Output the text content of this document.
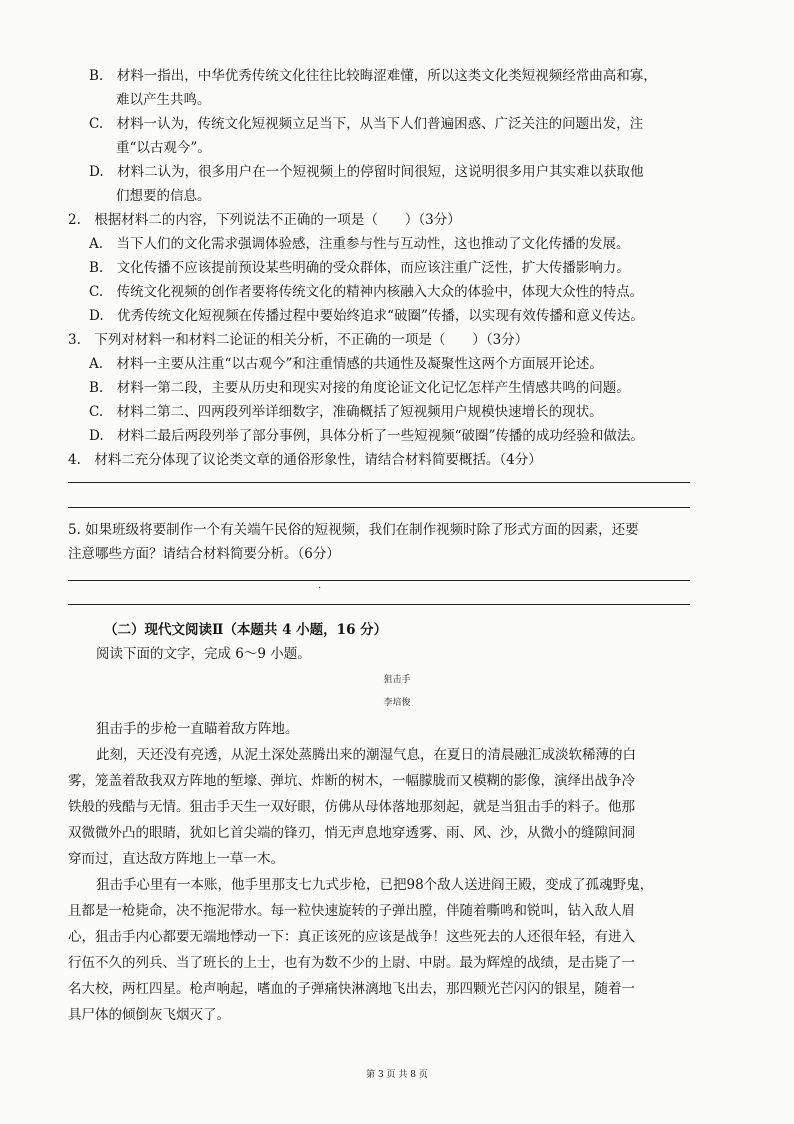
B.　材料一指出，中华优秀传统文化往往比较晦涩难懂，所以这类文化类短视频经常曲高和寡，
难以产生共鸣。
C.　材料一认为，传统文化短视频立足当下，从当下人们普遍困惑、广泛关注的问题出发，注
重“以古观今”。
D.　材料二认为，很多用户在一个短视频上的停留时间很短，这说明很多用户其实难以获取他
们想要的信息。
2.　根据材料二的内容，下列说法不正确的一项是（　　）（3分）
A.　当下人们的文化需求强调体验感，注重参与性与互动性，这也推动了文化传播的发展。
B.　文化传播不应该提前预设某些明确的受众群体，而应该注重广泛性，扩大传播影响力。
C.　传统文化视频的创作者要将传统文化的精神内核融入大众的体验中，体现大众性的特点。
D.　优秀传统文化短视频在传播过程中要始终追求“破圈”传播，以实现有效传播和意义传达。
3.　下列对材料一和材料二论证的相关分析，不正确的一项是（　　）（3分）
A.　材料一主要从注重“以古观今”和注重情感的共通性及凝聚性这两个方面展开论述。
B.　材料一第二段，主要从历史和现实对接的角度论证文化记忆怎样产生情感共鸣的问题。
C.　材料二第二、四两段列举详细数字，准确概括了短视频用户规模快速增长的现状。
D.　材料二最后两段列举了部分事例，具体分析了一些短视频“破圈”传播的成功经验和做法。
4.　材料二充分体现了议论类文章的通俗形象性，请结合材料简要概括。（4分）
5. 如果班级将要制作一个有关端午民俗的短视频，我们在制作视频时除了形式方面的因素，还要
注意哪些方面？请结合材料简要分析。（6分）
·
（二）现代文阅读Ⅱ（本题共 4 小题，16 分）
阅读下面的文字，完成 6～9 小题。
狙击手
李培俊
狙击手的步枪一直瞄着敌方阵地。
此刻，天还没有亮透，从泥土深处蒸腾出来的潮湿气息，在夏日的清晨融汇成淡软稀薄的白
雾，笼盖着敌我双方阵地的堑壕、弹坑、炸断的树木，一幅朦胧而又模糊的影像，演绎出战争冷
铁般的残酷与无情。狙击手天生一双好眼，仿佛从母体落地那刻起，就是当狙击手的料子。他那
双微微外凸的眼睛，犹如匕首尖端的锋刃，悄无声息地穿透雾、雨、风、沙，从微小的缝隙间洞
穿而过，直达敌方阵地上一草一木。
狙击手心里有一本账，他手里那支七九式步枪，已把98个敌人送进阎王殿，变成了孤魂野鬼，
且都是一枪毙命，决不拖泥带水。每一粒快速旋转的子弹出膛，伴随着嘶鸣和锐叫，钻入敌人眉
心，狙击手内心都要无端地悸动一下：真正该死的应该是战争！这些死去的人还很年轻，有进入
行伍不久的列兵、当了班长的上士，也有为数不少的上尉、中尉。最为辉煌的战绩，是击毙了一
名大校，两杠四星。枪声响起，嗜血的子弹痛快淋漓地飞出去，那四颗光芒闪闪的银星，随着一
具尸体的倾倒灰飞烟灭了。
第 3 页 共 8 页
